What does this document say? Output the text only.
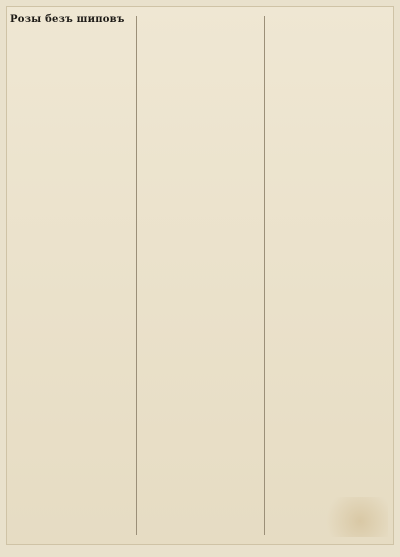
Розы безъ шиповъ
